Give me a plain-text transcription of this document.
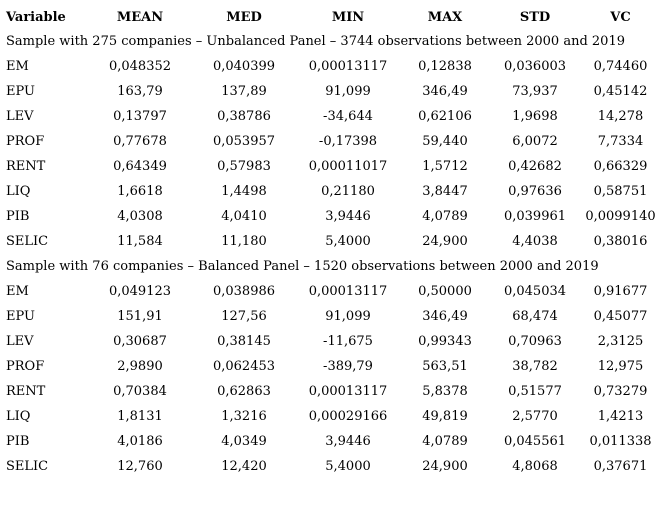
Variable	MEAN	MED	MIN	MAX	STD	VC
Sample with 275 companies – Unbalanced Panel – 3744 observations between 2000 and 2019						
EM	0,048352	0,040399	0,00013117	0,12838	0,036003	0,74460
EPU	163,79	137,89	91,099	346,49	73,937	0,45142
LEV	0,13797	0,38786	-34,644	0,62106	1,9698	14,278
PROF	0,77678	0,053957	-0,17398	59,440	6,0072	7,7334
RENT	0,64349	0,57983	0,00011017	1,5712	0,42682	0,66329
LIQ	1,6618	1,4498	0,21180	3,8447	0,97636	0,58751
PIB	4,0308	4,0410	3,9446	4,0789	0,039961	0,0099140
SELIC	11,584	11,180	5,4000	24,900	4,4038	0,38016
Sample with 76 companies – Balanced Panel – 1520 observations between 2000 and 2019						
EM	0,049123	0,038986	0,00013117	0,50000	0,045034	0,91677
EPU	151,91	127,56	91,099	346,49	68,474	0,45077
LEV	0,30687	0,38145	-11,675	0,99343	0,70963	2,3125
PROF	2,9890	0,062453	-389,79	563,51	38,782	12,975
RENT	0,70384	0,62863	0,00013117	5,8378	0,51577	0,73279
LIQ	1,8131	1,3216	0,00029166	49,819	2,5770	1,4213
PIB	4,0186	4,0349	3,9446	4,0789	0,045561	0,011338
SELIC	12,760	12,420	5,4000	24,900	4,8068	0,37671
